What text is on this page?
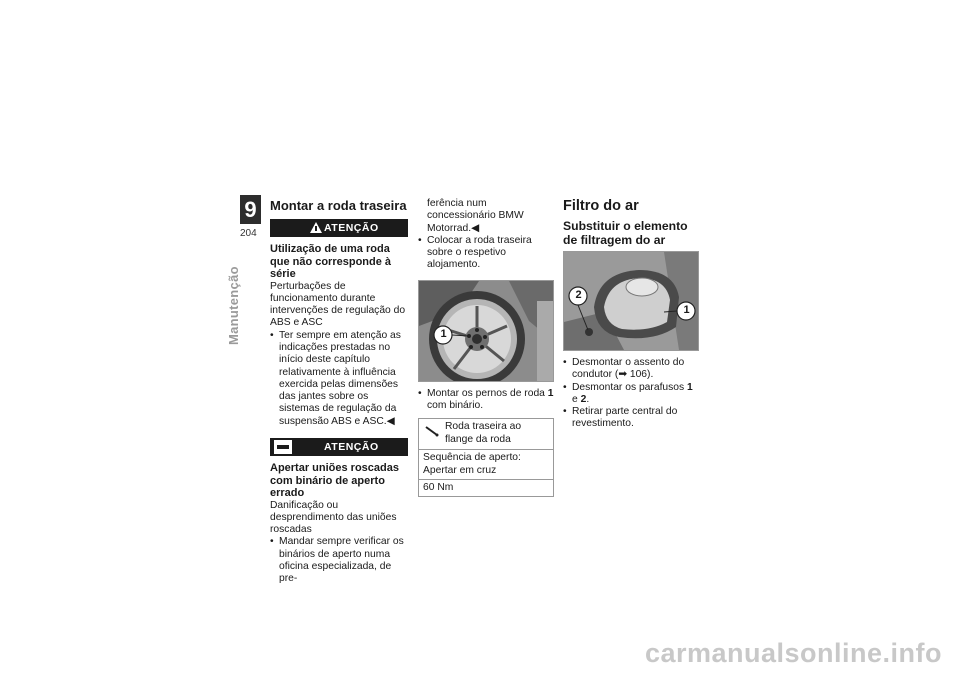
9
204
Manutenção
Montar a roda traseira
ATENÇÃO

Utilização de uma roda que não corresponde à série

Perturbações de funcionamento durante intervenções de regulação do ABS e ASC

• Ter sempre em atenção as indicações prestadas no início deste capítulo relativamente à influência exercida pelas dimensões das jantes sobre os sistemas de regulação da suspensão ABS e ASC.◀
ATENÇÃO

Apertar uniões roscadas com binário de aperto errado

Danificação ou desprendimento das uniões roscadas

• Mandar sempre verificar os binários de aperto numa oficina especializada, de pre-

ferência num concessionário BMW Motorrad.◀

• Colocar a roda traseira sobre o respetivo alojamento.
1
• Montar os pernos de roda 1 com binário.
Roda traseira ao flange da roda
Sequência de aperto: Apertar em cruz
60 Nm
Filtro do ar
Substituir o elemento de filtragem do ar
2
1
• Desmontar o assento do condutor (➡ 106).
• Desmontar os parafusos 1 e 2.
• Retirar parte central do revestimento.
carmanualsonline.info
